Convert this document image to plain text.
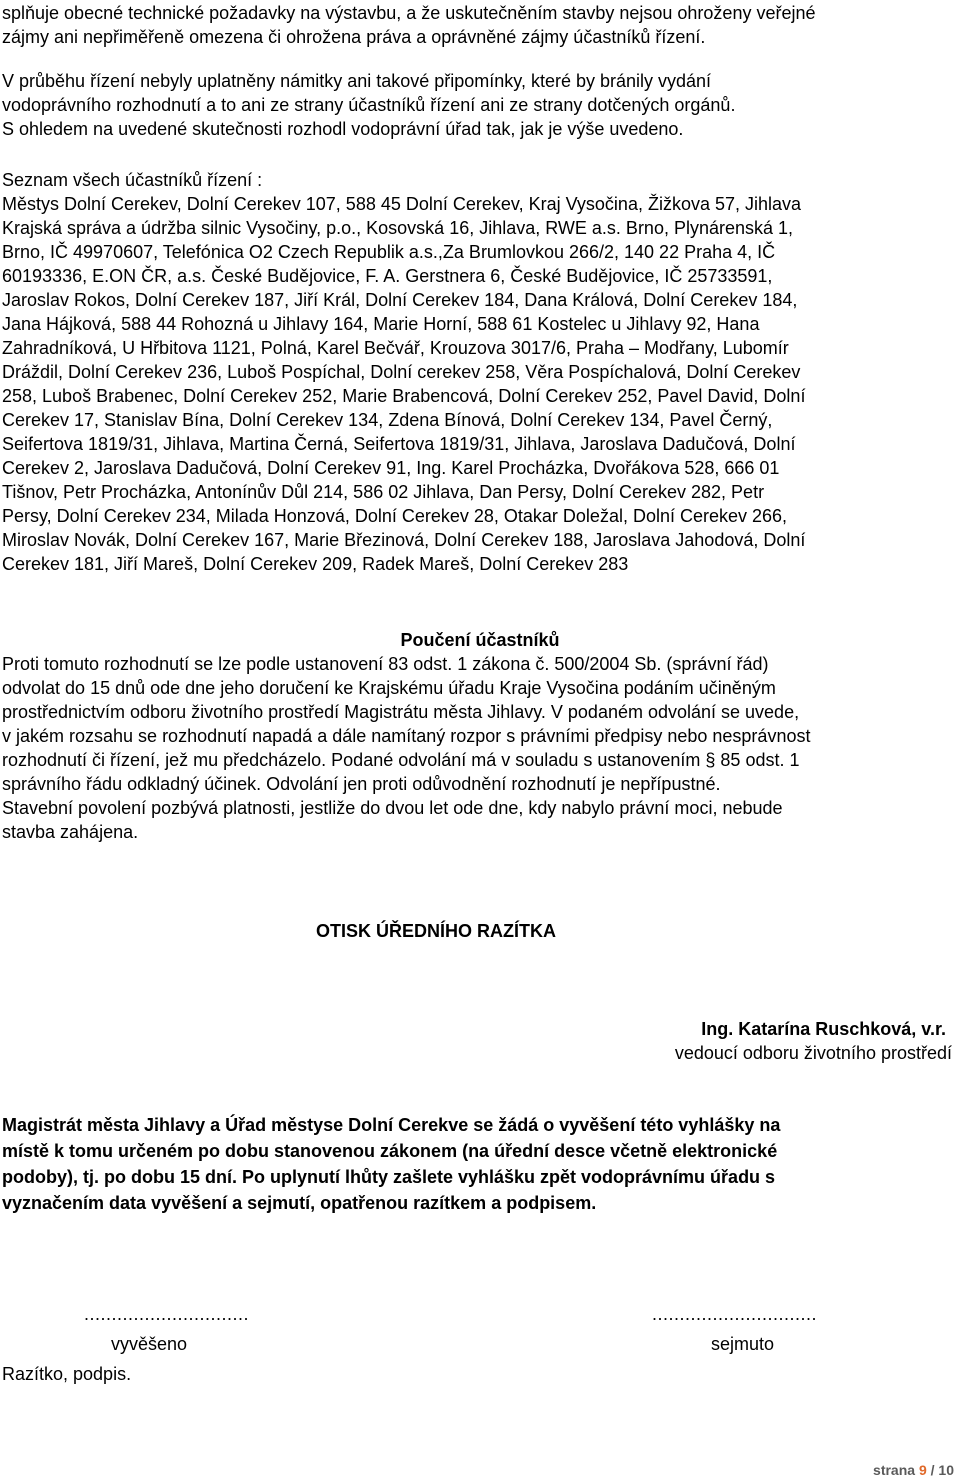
splňuje obecné technické požadavky na výstavbu, a že uskutečněním stavby nejsou ohroženy veřejné
zájmy ani nepřiměřeně omezena či ohrožena práva a oprávněné zájmy účastníků řízení.
V průběhu řízení nebyly uplatněny námitky ani takové připomínky, které by bránily vydání
vodoprávního rozhodnutí a to ani ze strany účastníků řízení ani ze strany dotčených orgánů.
S ohledem na uvedené skutečnosti rozhodl vodoprávní úřad tak, jak je výše uvedeno.
Seznam všech účastníků řízení :
Městys Dolní Cerekev, Dolní Cerekev 107, 588 45 Dolní Cerekev, Kraj Vysočina, Žižkova 57, Jihlava
Krajská správa a údržba silnic Vysočiny, p.o., Kosovská 16, Jihlava, RWE a.s. Brno, Plynárenská 1,
Brno, IČ 49970607, Telefónica O2 Czech Republik a.s.,Za Brumlovkou 266/2, 140 22 Praha 4, IČ
60193336, E.ON ČR, a.s. České Budějovice, F. A. Gerstnera 6, České Budějovice, IČ 25733591,
Jaroslav Rokos, Dolní Cerekev 187, Jiří Král, Dolní Cerekev 184, Dana Králová, Dolní Cerekev 184,
Jana Hájková, 588 44 Rohozná u Jihlavy 164, Marie Horní, 588 61 Kostelec u Jihlavy 92, Hana
Zahradníková, U Hřbitova 1121, Polná, Karel Bečvář, Krouzova 3017/6, Praha – Modřany, Lubomír
Dráždil, Dolní Cerekev 236, Luboš Pospíchal, Dolní cerekev 258, Věra Pospíchalová, Dolní Cerekev
258, Luboš Brabenec, Dolní Cerekev 252, Marie Brabencová, Dolní Cerekev 252, Pavel David, Dolní
Cerekev 17, Stanislav Bína, Dolní Cerekev 134, Zdena Bínová, Dolní Cerekev 134, Pavel Černý,
Seifertova 1819/31, Jihlava, Martina Černá, Seifertova 1819/31, Jihlava, Jaroslava Dadučová, Dolní
Cerekev 2, Jaroslava Dadučová, Dolní Cerekev 91, Ing. Karel Procházka, Dvořákova 528, 666 01
Tišnov, Petr Procházka, Antonínův Důl 214, 586 02 Jihlava, Dan Persy, Dolní Cerekev 282, Petr
Persy, Dolní Cerekev 234, Milada Honzová, Dolní Cerekev 28, Otakar Doležal, Dolní Cerekev 266,
Miroslav Novák, Dolní Cerekev 167, Marie Březinová, Dolní Cerekev 188, Jaroslava Jahodová, Dolní
Cerekev 181, Jiří Mareš, Dolní Cerekev 209, Radek Mareš, Dolní Cerekev 283
Poučení účastníků
Proti tomuto rozhodnutí se lze podle ustanovení 83 odst. 1 zákona č. 500/2004 Sb. (správní řád)
odvolat do 15 dnů ode dne jeho doručení ke Krajskému úřadu Kraje Vysočina podáním učiněným
prostřednictvím odboru životního prostředí Magistrátu města Jihlavy. V podaném odvolání se uvede,
v jakém rozsahu se rozhodnutí napadá a dále namítaný rozpor s právními předpisy nebo nesprávnost
rozhodnutí či řízení, jež mu předcházelo. Podané odvolání má v souladu s ustanovením § 85 odst. 1
správního řádu odkladný účinek. Odvolání jen proti odůvodnění rozhodnutí je nepřípustné.
Stavební povolení pozbývá platnosti, jestliže do dvou let ode dne, kdy nabylo právní moci, nebude
stavba zahájena.
OTISK ÚŘEDNÍHO RAZÍTKA
Ing. Katarína Ruschková, v.r.
vedoucí odboru životního prostředí
Magistrát města Jihlavy a Úřad městyse Dolní Cerekve se žádá o vyvěšení této vyhlášky na
místě k tomu určeném po dobu stanovenou zákonem (na úřední desce včetně elektronické
podoby), tj. po dobu 15 dní. Po uplynutí lhůty zašlete vyhlášku zpět vodoprávnímu úřadu s
vyznačením data vyvěšení a sejmutí, opatřenou razítkem a podpisem.
..............................	..............................
vyvěšeno	sejmuto
Razítko, podpis.
strana 9 / 10
